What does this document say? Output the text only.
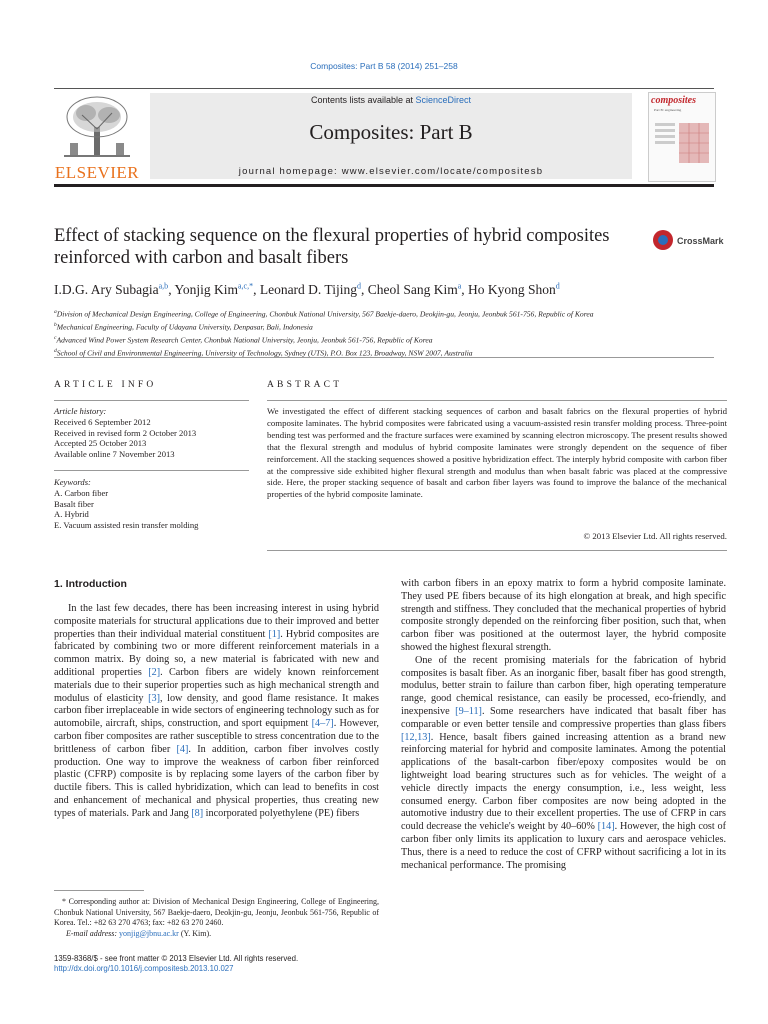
Composites: Part B 58 (2014) 251–258
ELSEVIER
Contents lists available at ScienceDirect
Composites: Part B
journal homepage: www.elsevier.com/locate/compositesb
composites
Part B: engineering
Effect of stacking sequence on the flexural properties of hybrid composites reinforced with carbon and basalt fibers
CrossMark
I.D.G. Ary Subagia$^{a,b}$, Yonjig Kim$^{a,c,*}$, Leonard D. Tijing$^d$, Cheol Sang Kim$^a$, Ho Kyong Shon$^d$
$^a$Division of Mechanical Design Engineering, College of Engineering, Chonbuk National University, 567 Baekje-daero, Deokjin-gu, Jeonju, Jeonbuk 561-756, Republic of Korea
$^b$Mechanical Engineering, Faculty of Udayana University, Denpasar, Bali, Indonesia
$^c$Advanced Wind Power System Research Center, Chonbuk National University, Jeonju, Jeonbuk 561-756, Republic of Korea
$^d$School of Civil and Environmental Engineering, University of Technology, Sydney (UTS), P.O. Box 123, Broadway, NSW 2007, Australia
ARTICLE INFO
Article history:
Received 6 September 2012
Received in revised form 2 October 2013
Accepted 25 October 2013
Available online 7 November 2013
Keywords:
A. Carbon fiber
Basalt fiber
A. Hybrid
E. Vacuum assisted resin transfer molding
ABSTRACT
We investigated the effect of different stacking sequences of carbon and basalt fabrics on the flexural properties of hybrid composite laminates. The hybrid composites were fabricated using a vacuum-assisted resin transfer molding process. Three-point bending test was performed and the fracture surfaces were examined by scanning electron microscopy. The present results showed that the flexural strength and modulus of hybrid composite laminates were strongly dependent on the sequence of fiber reinforcement. All the stacking sequences showed a positive hybridization effect. The interply hybrid composite with carbon fiber at the compressive side exhibited higher flexural strength and modulus than when basalt fabric was placed at the compressive side. Here, the proper stacking sequence of basalt and carbon fiber layers was found to improve the balance of the mechanical properties of the hybrid composite laminate.
© 2013 Elsevier Ltd. All rights reserved.
1. Introduction

In the last few decades, there has been increasing interest in using hybrid composite materials for structural applications due to their improved and better properties than their individual material constituent [1]. Hybrid composites are fabricated by combining two or more different reinforcement materials in a common matrix. By doing so, a new material is fabricated with new and additional properties [2]. Carbon fibers are widely known reinforcement materials due to their superior properties such as high mechanical strength and modulus of elasticity [3], low density, and good flame resistance. It makes carbon fiber irreplaceable in wide sectors of engineering technology such as for automobile, aircraft, ships, construction, and sport equipment [4–7]. However, carbon fiber composites are rather susceptible to stress concentration due to the brittleness of carbon fiber [4]. In addition, carbon fiber involves costly production. One way to improve the weakness of carbon fiber reinforced plastic (CFRP) composite is by replacing some layers of the carbon fiber by ductile fibers. This is called hybridization, which can lead to benefits in cost and enhancement of mechanical and physical properties, thus creating new types of materials. Park and Jang [8] incorporated polyethylene (PE) fibers

with carbon fibers in an epoxy matrix to form a hybrid composite laminate. They used PE fibers because of its high elongation at break, and high specific strength and stiffness. They concluded that the mechanical properties of hybrid composite strongly depended on the reinforcing fiber position, such that, when carbon fiber was positioned at the outermost layer, the hybrid composite showed the highest flexural strength.

One of the recent promising materials for the fabrication of hybrid composites is basalt fiber. As an inorganic fiber, basalt fiber has good strength, modulus, better strain to failure than carbon fiber, high operating temperature range, good chemical resistance, can easily be processed, eco-friendly, and inexpensive [9–11]. Some researchers have indicated that basalt fiber has comparable or even better tensile and compressive properties than glass fibers [12,13]. Hence, basalt fibers gained increasing attention as a brand new reinforcing material for hybrid and composite laminates. Among the potential applications of the basalt-carbon fiber/epoxy composites would be on lightweight load bearing structures such as for vehicles. The weight of a vehicle directly impacts the energy consumption, i.e., less weight, less consumed energy. Carbon fiber composites are now being adopted in the automotive industry due to their excellent properties. The use of CFRP in cars could decrease the vehicle's weight by 40–60% [14]. However, the high cost of carbon fiber only limits its application to luxury cars and aerospace vehicles. Thus, there is a need to reduce the cost of CFRP without sacrificing a lot in its mechanical performance. The promising

* Corresponding author at: Division of Mechanical Design Engineering, College of Engineering, Chonbuk National University, 567 Baekje-daero, Deokjin-gu, Jeonju, Jeonbuk 561-756, Republic of Korea. Tel.: +82 63 270 4763; fax: +82 63 270 2460.
E-mail address: yonjig@jbnu.ac.kr (Y. Kim).
1359-8368/$ - see front matter © 2013 Elsevier Ltd. All rights reserved.
http://dx.doi.org/10.1016/j.compositesb.2013.10.027
